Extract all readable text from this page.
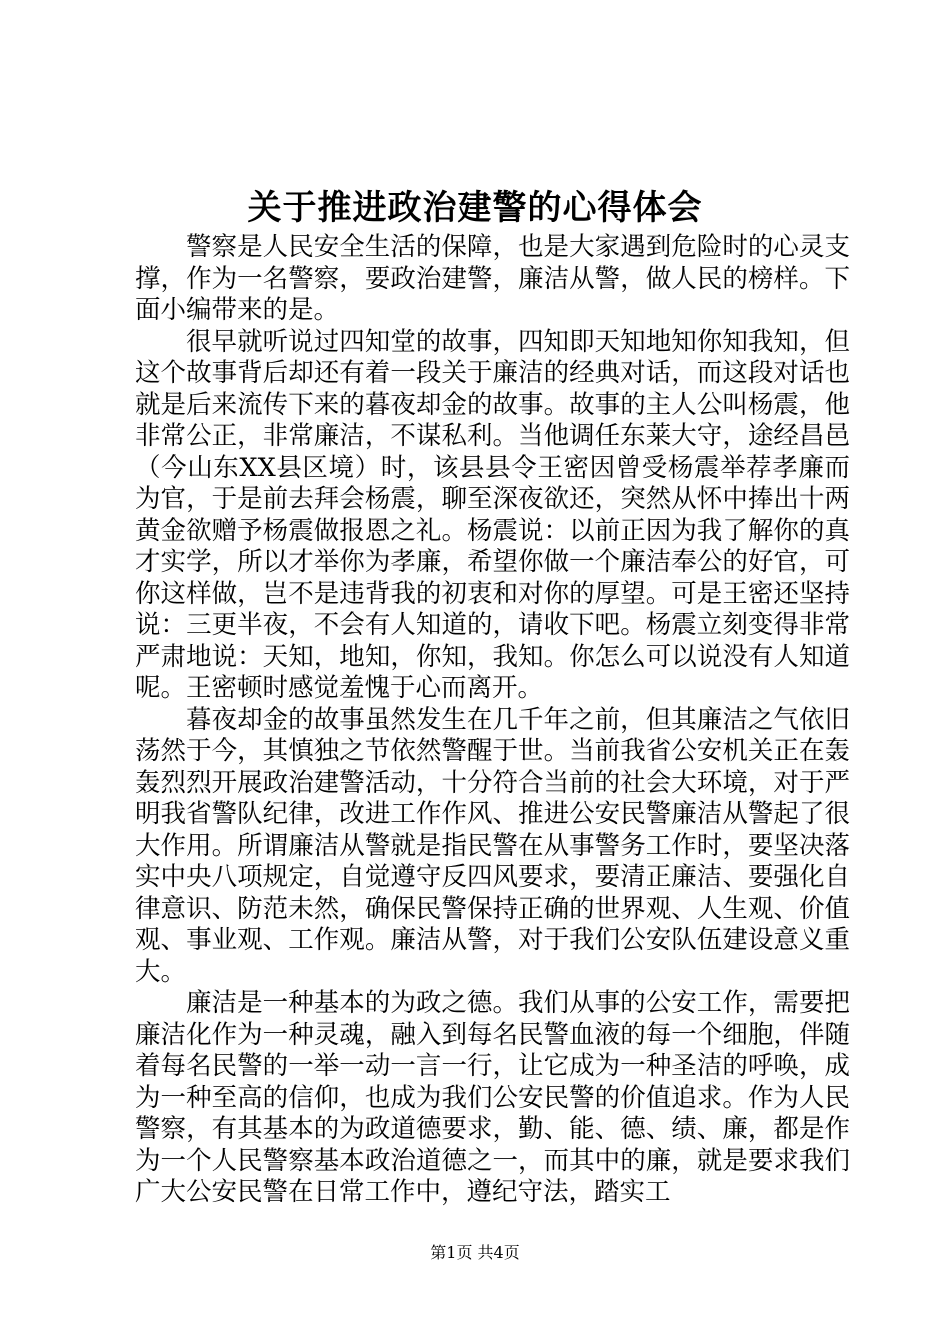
关于推进政治建警的心得体会

警察是人民安全生活的保障，也是大家遇到危险时的心灵支撑，作为一名警察，要政治建警，廉洁从警，做人民的榜样。下面小编带来的是。

很早就听说过四知堂的故事，四知即天知地知你知我知，但这个故事背后却还有着一段关于廉洁的经典对话，而这段对话也就是后来流传下来的暮夜却金的故事。故事的主人公叫杨震，他非常公正，非常廉洁，不谋私利。当他调任东莱大守，途经昌邑（今山东XX县区境）时，该县县令王密因曾受杨震举荐孝廉而为官，于是前去拜会杨震，聊至深夜欲还，突然从怀中捧出十两黄金欲赠予杨震做报恩之礼。杨震说：以前正因为我了解你的真才实学，所以才举你为孝廉，希望你做一个廉洁奉公的好官，可你这样做，岂不是违背我的初衷和对你的厚望。可是王密还坚持说：三更半夜，不会有人知道的，请收下吧。杨震立刻变得非常严肃地说：天知，地知，你知，我知。你怎么可以说没有人知道呢。王密顿时感觉羞愧于心而离开。

暮夜却金的故事虽然发生在几千年之前，但其廉洁之气依旧荡然于今，其慎独之节依然警醒于世。当前我省公安机关正在轰轰烈烈开展政治建警活动，十分符合当前的社会大环境，对于严明我省警队纪律，改进工作作风、推进公安民警廉洁从警起了很大作用。所谓廉洁从警就是指民警在从事警务工作时，要坚决落实中央八项规定，自觉遵守反四风要求，要清正廉洁、要强化自律意识、防范未然，确保民警保持正确的世界观、人生观、价值观、事业观、工作观。廉洁从警，对于我们公安队伍建设意义重大。

廉洁是一种基本的为政之德。我们从事的公安工作，需要把廉洁化作为一种灵魂，融入到每名民警血液的每一个细胞，伴随着每名民警的一举一动一言一行，让它成为一种圣洁的呼唤，成为一种至高的信仰，也成为我们公安民警的价值追求。作为人民警察，有其基本的为政道德要求，勤、能、德、绩、廉，都是作为一个人民警察基本政治道德之一，而其中的廉，就是要求我们广大公安民警在日常工作中，遵纪守法，踏实工

第1页 共4页
